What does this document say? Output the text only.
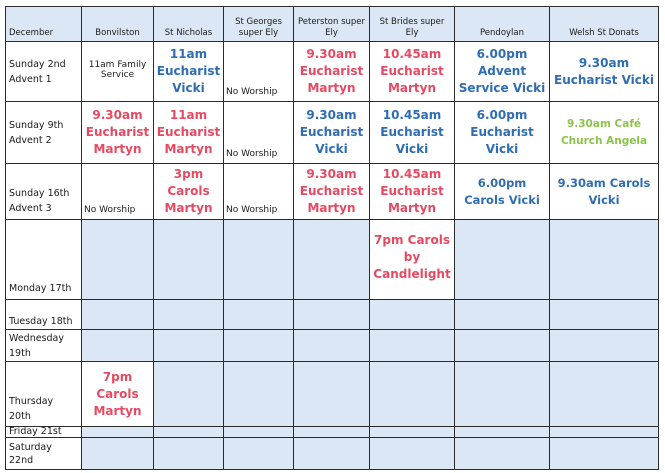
December	Bonvilston	St Nicholas	St Georges super Ely	Peterston super Ely	St Brides super Ely	Pendoylan	Welsh St Donats

Sunday 2nd
Advent 1	11am Family Service	11am Eucharist Vicki	No Worship	9.30am Eucharist Martyn	10.45am Eucharist Martyn	6.00pm Advent Service Vicki	9.30am Eucharist Vicki

Sunday 9th
Advent 2	9.30am Eucharist Martyn	11am Eucharist Martyn	No Worship	9.30am Eucharist Vicki	10.45am Eucharist Vicki	6.00pm Eucharist Vicki	9.30am Café Church Angela

Sunday 16th
Advent 3	No Worship	3pm Carols Martyn	No Worship	9.30am Eucharist Martyn	10.45am Eucharist Martyn	6.00pm Carols Vicki	9.30am Carols Vicki

Monday 17th					7pm Carols by Candlelight		

Tuesday 18th							

Wednesday
19th							

Thursday
20th	7pm Carols Martyn						

Friday 21st							

Saturday
22nd							
